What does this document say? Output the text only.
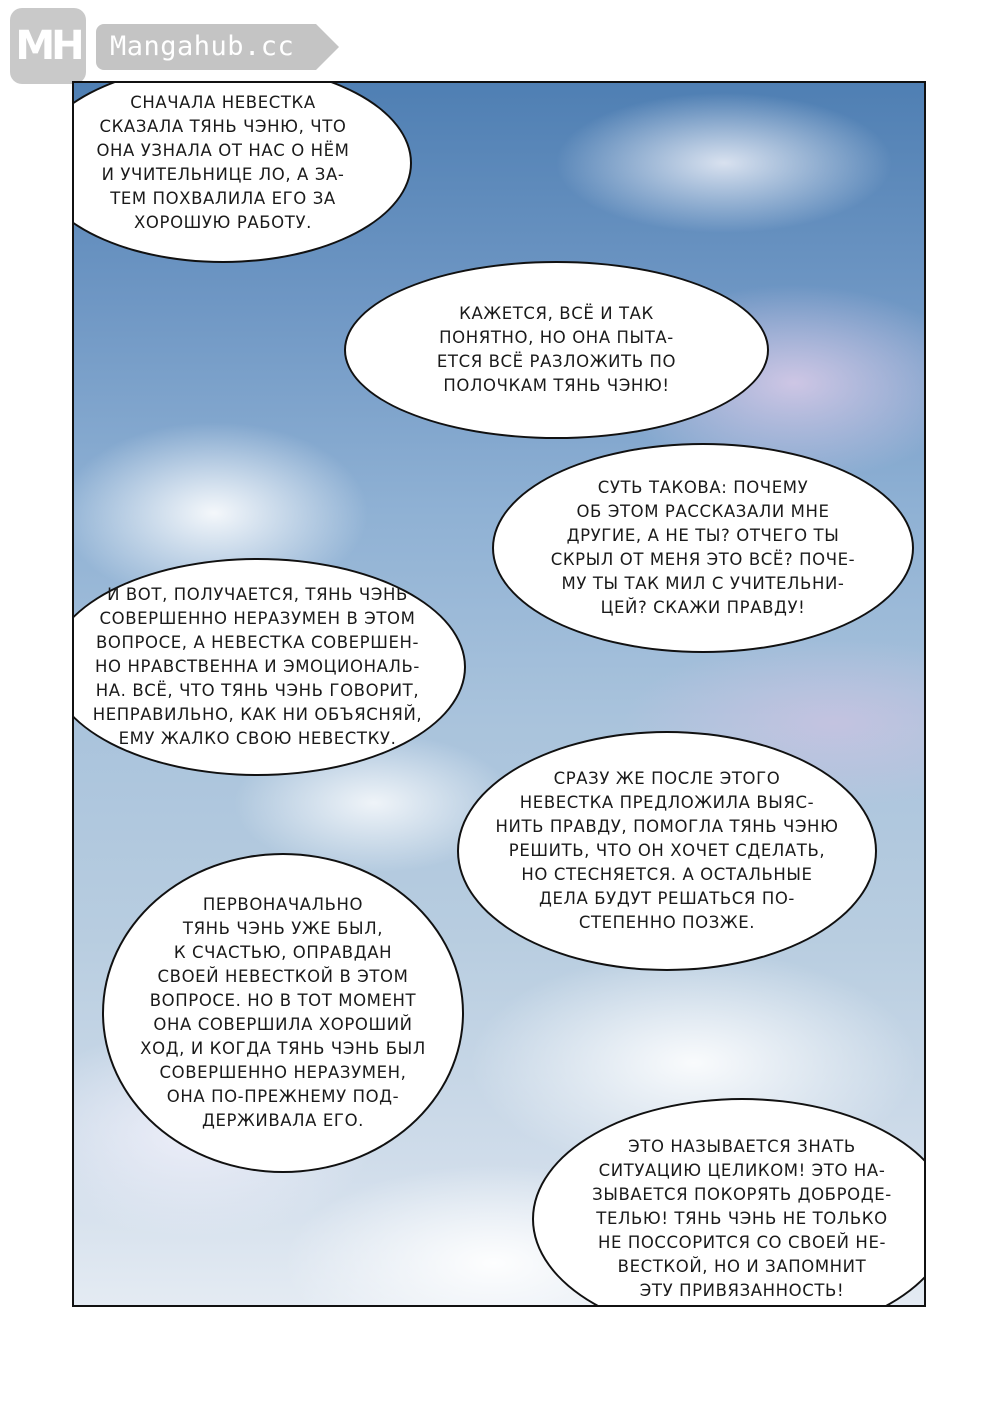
MH Mangahub.cc
СНАЧАЛА НЕВЕСТКА
СКАЗАЛА ТЯНЬ ЧЭНЮ, ЧТО
ОНА УЗНАЛА ОТ НАС О НЁМ
И УЧИТЕЛЬНИЦЕ ЛО, А ЗА-
ТЕМ ПОХВАЛИЛА ЕГО ЗА
ХОРОШУЮ РАБОТУ.
КАЖЕТСЯ, ВСЁ И ТАК
ПОНЯТНО, НО ОНА ПЫТА-
ЕТСЯ ВСЁ РАЗЛОЖИТЬ ПО
ПОЛОЧКАМ ТЯНЬ ЧЭНЮ!
СУТЬ ТАКОВА: ПОЧЕМУ
ОБ ЭТОМ РАССКАЗАЛИ МНЕ
ДРУГИЕ, А НЕ ТЫ? ОТЧЕГО ТЫ
СКРЫЛ ОТ МЕНЯ ЭТО ВСЁ? ПОЧЕ-
МУ ТЫ ТАК МИЛ С УЧИТЕЛЬНИ-
ЦЕЙ? СКАЖИ ПРАВДУ!
И ВОТ, ПОЛУЧАЕТСЯ, ТЯНЬ ЧЭНЬ
СОВЕРШЕННО НЕРАЗУМЕН В ЭТОМ
ВОПРОСЕ, А НЕВЕСТКА СОВЕРШЕН-
НО НРАВСТВЕННА И ЭМОЦИОНАЛЬ-
НА. ВСЁ, ЧТО ТЯНЬ ЧЭНЬ ГОВОРИТ,
НЕПРАВИЛЬНО, КАК НИ ОБЪЯСНЯЙ,
ЕМУ ЖАЛКО СВОЮ НЕВЕСТКУ.
СРАЗУ ЖЕ ПОСЛЕ ЭТОГО
НЕВЕСТКА ПРЕДЛОЖИЛА ВЫЯС-
НИТЬ ПРАВДУ, ПОМОГЛА ТЯНЬ ЧЭНЮ
РЕШИТЬ, ЧТО ОН ХОЧЕТ СДЕЛАТЬ,
НО СТЕСНЯЕТСЯ. А ОСТАЛЬНЫЕ
ДЕЛА БУДУТ РЕШАТЬСЯ ПО-
СТЕПЕННО ПОЗЖЕ.
ПЕРВОНАЧАЛЬНО
ТЯНЬ ЧЭНЬ УЖЕ БЫЛ,
К СЧАСТЬЮ, ОПРАВДАН
СВОЕЙ НЕВЕСТКОЙ В ЭТОМ
ВОПРОСЕ. НО В ТОТ МОМЕНТ
ОНА СОВЕРШИЛА ХОРОШИЙ
ХОД, И КОГДА ТЯНЬ ЧЭНЬ БЫЛ
СОВЕРШЕННО НЕРАЗУМЕН,
ОНА ПО-ПРЕЖНЕМУ ПОД-
ДЕРЖИВАЛА ЕГО.
ЭТО НАЗЫВАЕТСЯ ЗНАТЬ
СИТУАЦИЮ ЦЕЛИКОМ! ЭТО НА-
ЗЫВАЕТСЯ ПОКОРЯТЬ ДОБРОДЕ-
ТЕЛЬЮ! ТЯНЬ ЧЭНЬ НЕ ТОЛЬКО
НЕ ПОССОРИТСЯ СО СВОЕЙ НЕ-
ВЕСТКОЙ, НО И ЗАПОМНИТ
ЭТУ ПРИВЯЗАННОСТЬ!
